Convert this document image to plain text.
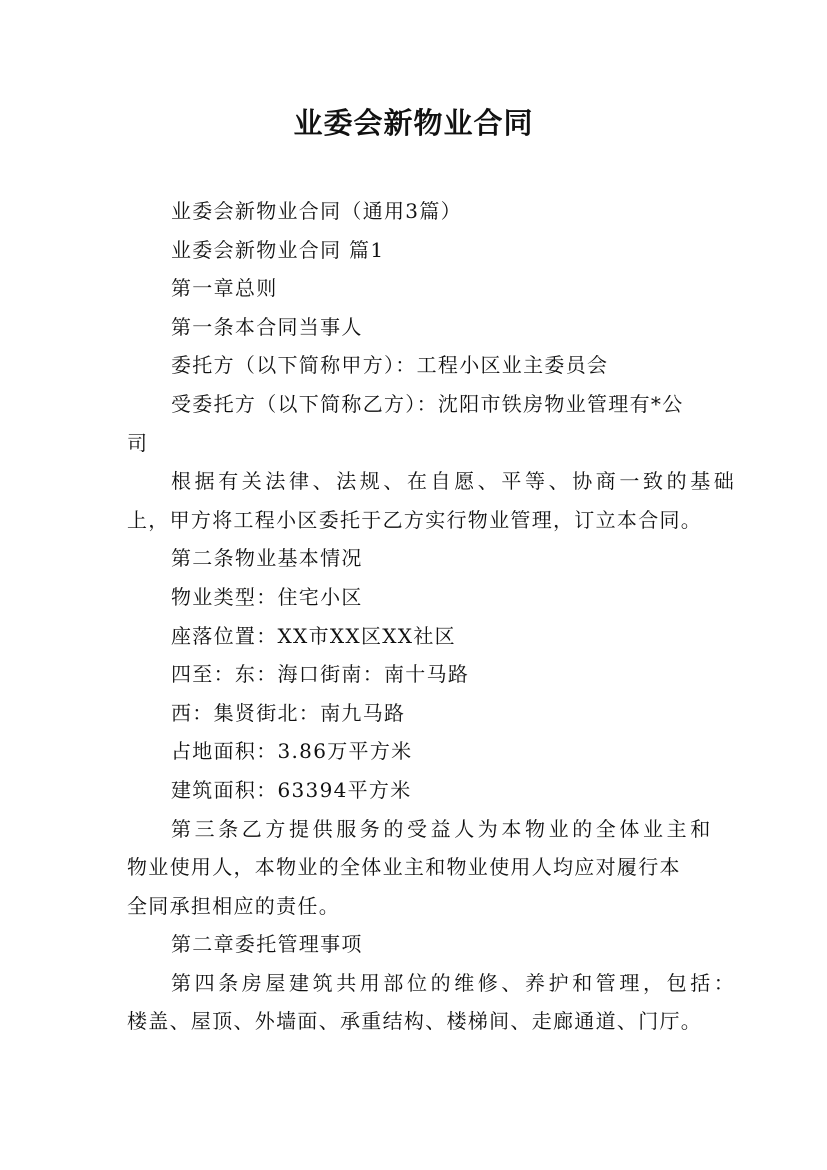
业委会新物业合同
业委会新物业合同（通用3篇）
业委会新物业合同 篇1
第一章总则
第一条本合同当事人
委托方（以下简称甲方）：工程小区业主委员会
受委托方（以下简称乙方）：沈阳市铁房物业管理有*公
司
根据有关法律、法规、在自愿、平等、协商一致的基础
上，甲方将工程小区委托于乙方实行物业管理，订立本合同。
第二条物业基本情况
物业类型：住宅小区
座落位置：XX市XX区XX社区
四至：东：海口街南：南十马路
西：集贤街北：南九马路
占地面积：3.86万平方米
建筑面积：63394平方米
第三条乙方提供服务的受益人为本物业的全体业主和
物业使用人，本物业的全体业主和物业使用人均应对履行本
全同承担相应的责任。
第二章委托管理事项
第四条房屋建筑共用部位的维修、养护和管理，包括：
楼盖、屋顶、外墙面、承重结构、楼梯间、走廊通道、门厅。
